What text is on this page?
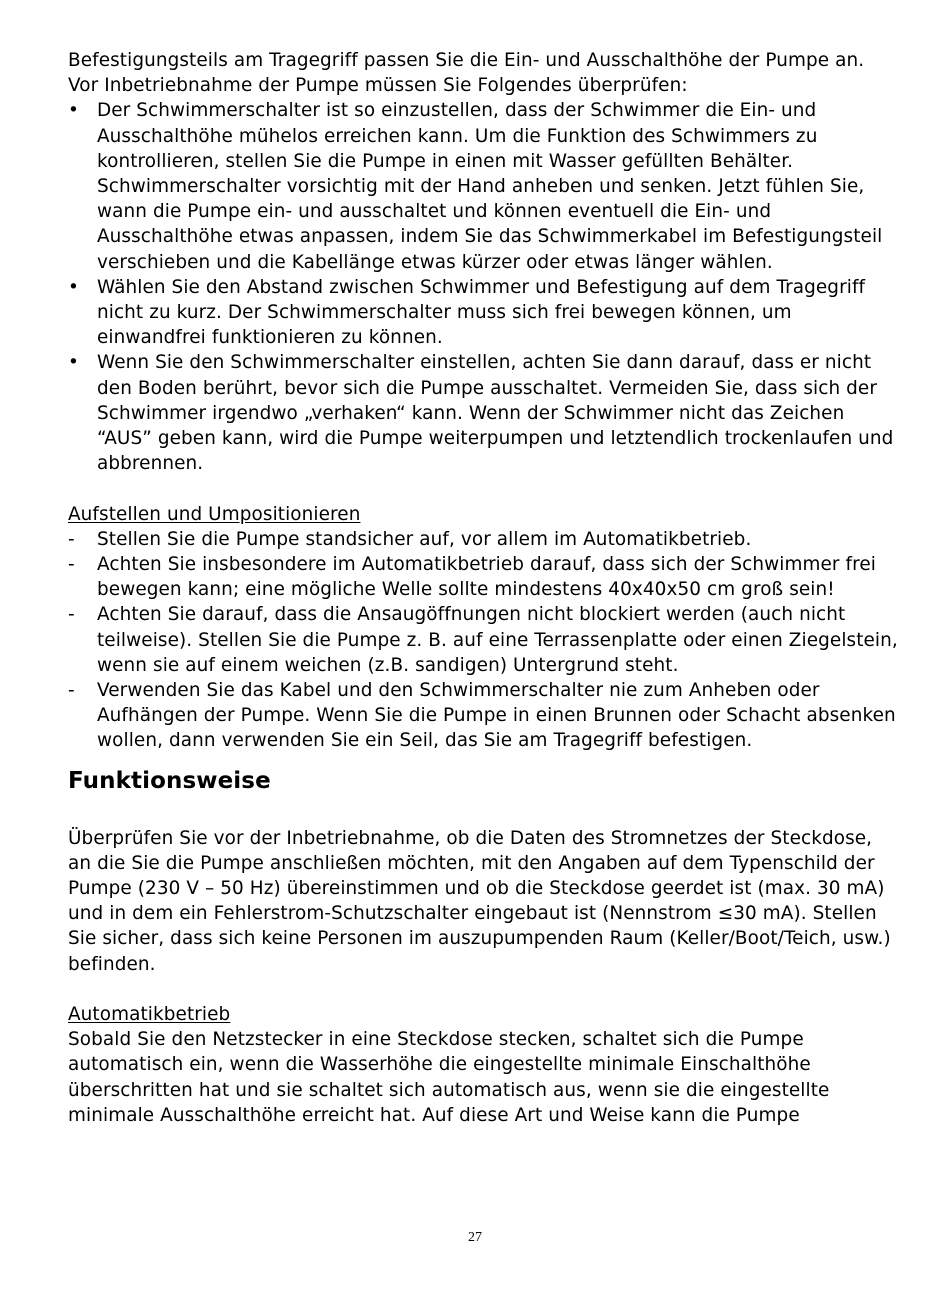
Befestigungsteils am Tragegriff passen Sie die Ein- und Ausschalthöhe der Pumpe an.

Vor Inbetriebnahme der Pumpe müssen Sie Folgendes überprüfen:

• Der Schwimmerschalter ist so einzustellen, dass der Schwimmer die Ein- und Ausschalthöhe mühelos erreichen kann. Um die Funktion des Schwimmers zu kontrollieren, stellen Sie die Pumpe in einen mit Wasser gefüllten Behälter. Schwimmerschalter vorsichtig mit der Hand anheben und senken. Jetzt fühlen Sie, wann die Pumpe ein- und ausschaltet und können eventuell die Ein- und Ausschalthöhe etwas anpassen, indem Sie das Schwimmerkabel im Befestigungsteil verschieben und die Kabellänge etwas kürzer oder etwas länger wählen.
• Wählen Sie den Abstand zwischen Schwimmer und Befestigung auf dem Tragegriff nicht zu kurz. Der Schwimmerschalter muss sich frei bewegen können, um einwandfrei funktionieren zu können.
• Wenn Sie den Schwimmerschalter einstellen, achten Sie dann darauf, dass er nicht den Boden berührt, bevor sich die Pumpe ausschaltet. Vermeiden Sie, dass sich der Schwimmer irgendwo „verhaken“ kann. Wenn der Schwimmer nicht das Zeichen “AUS” geben kann, wird die Pumpe weiterpumpen und letztendlich trockenlaufen und abbrennen.

Aufstellen und Umpositionieren

-	Stellen Sie die Pumpe standsicher auf, vor allem im Automatikbetrieb.
-	Achten Sie insbesondere im Automatikbetrieb darauf, dass sich der Schwimmer frei bewegen kann; eine mögliche Welle sollte mindestens 40x40x50 cm groß sein!
-	Achten Sie darauf, dass die Ansaugöffnungen nicht blockiert werden (auch nicht teilweise). Stellen Sie die Pumpe z. B. auf eine Terrassenplatte oder einen Ziegelstein, wenn sie auf einem weichen (z.B. sandigen) Untergrund steht.
-	Verwenden Sie das Kabel und den Schwimmerschalter nie zum Anheben oder Aufhängen der Pumpe. Wenn Sie die Pumpe in einen Brunnen oder Schacht absenken wollen, dann verwenden Sie ein Seil, das Sie am Tragegriff befestigen.
Funktionsweise

Überprüfen Sie vor der Inbetriebnahme, ob die Daten des Stromnetzes der Steckdose, an die Sie die Pumpe anschließen möchten, mit den Angaben auf dem Typenschild der Pumpe (230 V – 50 Hz) übereinstimmen und ob die Steckdose geerdet ist (max. 30 mA) und in dem ein Fehlerstrom-Schutzschalter eingebaut ist (Nennstrom ≤30 mA). Stellen Sie sicher, dass sich keine Personen im auszupumpenden Raum (Keller/Boot/Teich, usw.) befinden.

Automatikbetrieb

Sobald Sie den Netzstecker in eine Steckdose stecken, schaltet sich die Pumpe automatisch ein, wenn die Wasserhöhe die eingestellte minimale Einschalthöhe überschritten hat und sie schaltet sich automatisch aus, wenn sie die eingestellte minimale Ausschalthöhe erreicht hat. Auf diese Art und Weise kann die Pumpe

27
